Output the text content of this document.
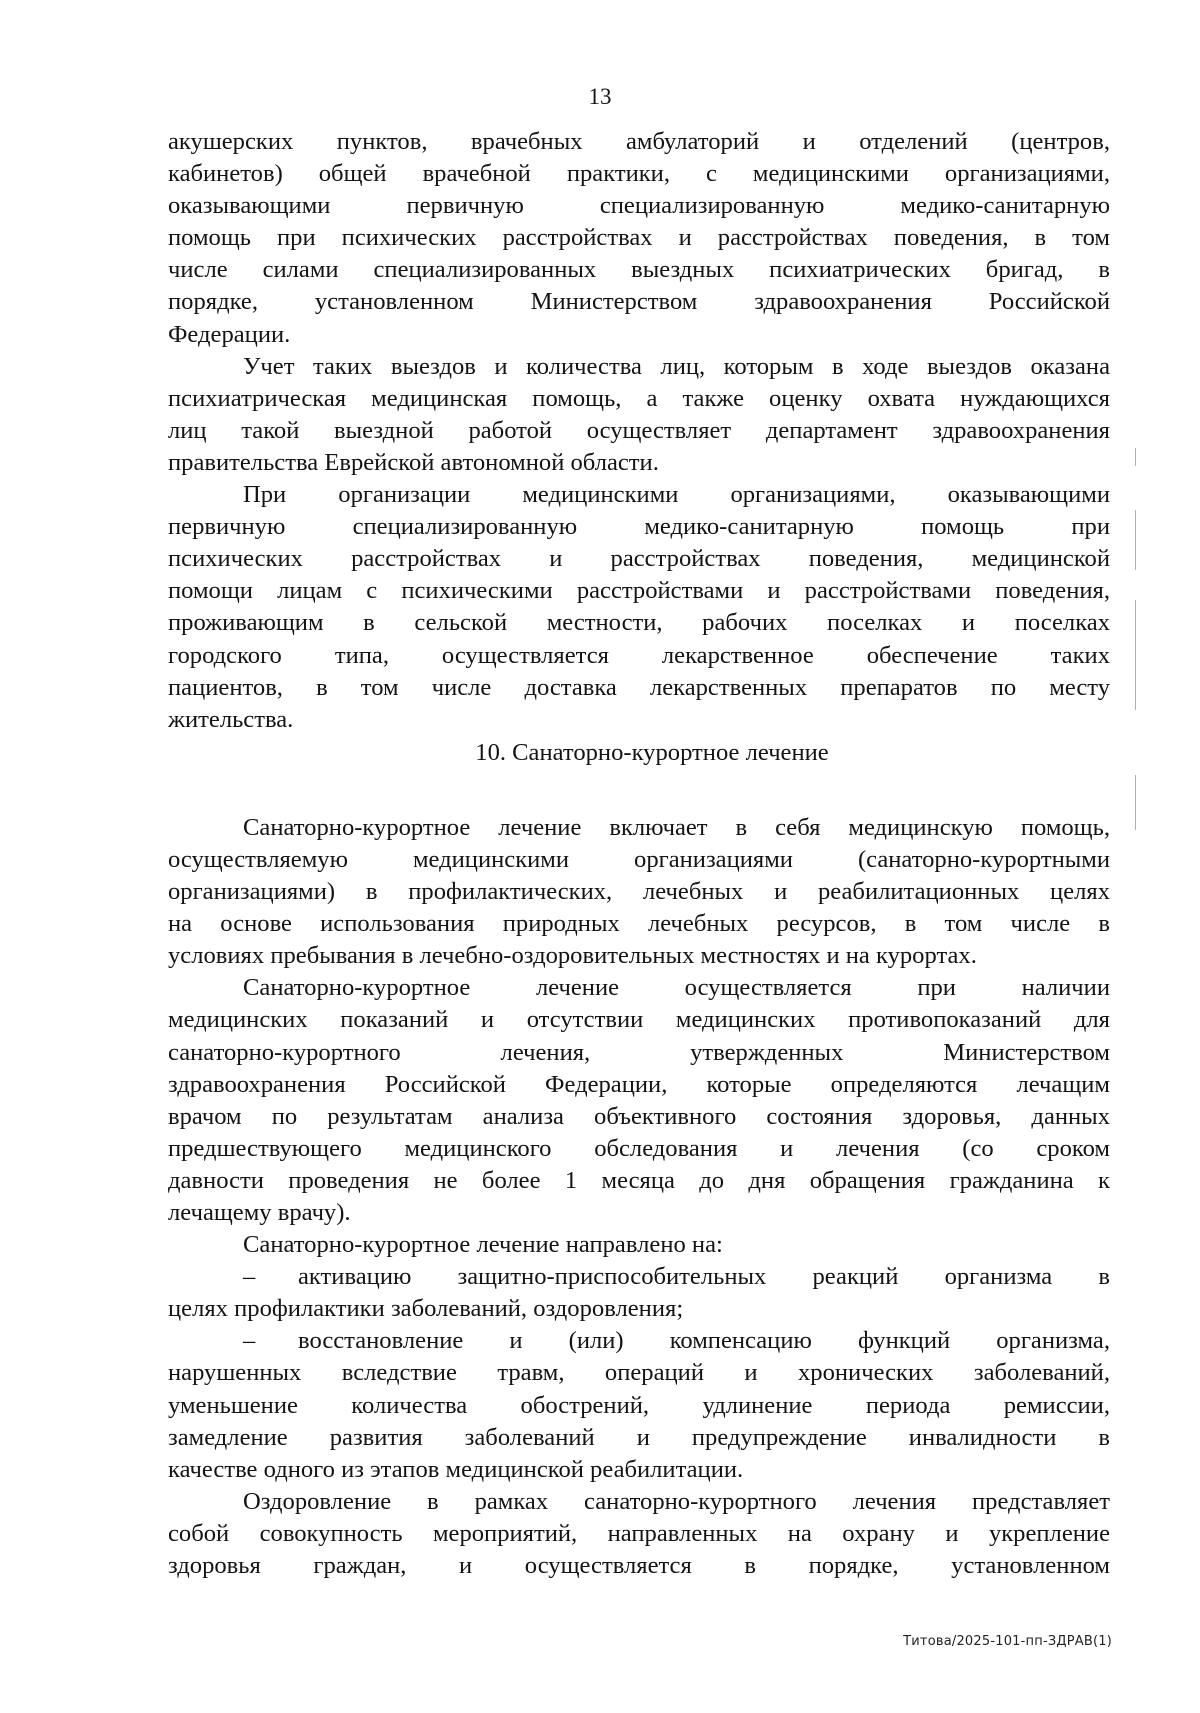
13

акушерских пунктов, врачебных амбулаторий и отделений (центров,
кабинетов) общей врачебной практики, с медицинскими организациями,
оказывающими первичную специализированную медико-санитарную
помощь при психических расстройствах и расстройствах поведения, в том
числе силами специализированных выездных психиатрических бригад, в
порядке, установленном Министерством здравоохранения Российской
Федерации.

Учет таких выездов и количества лиц, которым в ходе выездов оказана
психиатрическая медицинская помощь, а также оценку охвата нуждающихся
лиц такой выездной работой осуществляет департамент здравоохранения
правительства Еврейской автономной области.

При организации медицинскими организациями, оказывающими
первичную специализированную медико-санитарную помощь при
психических расстройствах и расстройствах поведения, медицинской
помощи лицам с психическими расстройствами и расстройствами поведения,
проживающим в сельской местности, рабочих поселках и поселках
городского типа, осуществляется лекарственное обеспечение таких
пациентов, в том числе доставка лекарственных препаратов по месту
жительства.

10. Санаторно-курортное лечение

Санаторно-курортное лечение включает в себя медицинскую помощь,
осуществляемую медицинскими организациями (санаторно-курортными
организациями) в профилактических, лечебных и реабилитационных целях
на основе использования природных лечебных ресурсов, в том числе в
условиях пребывания в лечебно-оздоровительных местностях и на курортах.

Санаторно-курортное лечение осуществляется при наличии
медицинских показаний и отсутствии медицинских противопоказаний для
санаторно-курортного лечения, утвержденных Министерством
здравоохранения Российской Федерации, которые определяются лечащим
врачом по результатам анализа объективного состояния здоровья, данных
предшествующего медицинского обследования и лечения (со сроком
давности проведения не более 1 месяца до дня обращения гражданина к
лечащему врачу).

Санаторно-курортное лечение направлено на:

–	активацию защитно-приспособительных реакций организма в
целях профилактики заболеваний, оздоровления;

–	восстановление и (или) компенсацию функций организма,
нарушенных вследствие травм, операций и хронических заболеваний,
уменьшение количества обострений, удлинение периода ремиссии,
замедление развития заболеваний и предупреждение инвалидности в
качестве одного из этапов медицинской реабилитации.

Оздоровление в рамках санаторно-курортного лечения представляет
собой совокупность мероприятий, направленных на охрану и укрепление
здоровья граждан, и осуществляется в порядке, установленном

Титова/2025-101-пп-ЗДРАВ(1)
